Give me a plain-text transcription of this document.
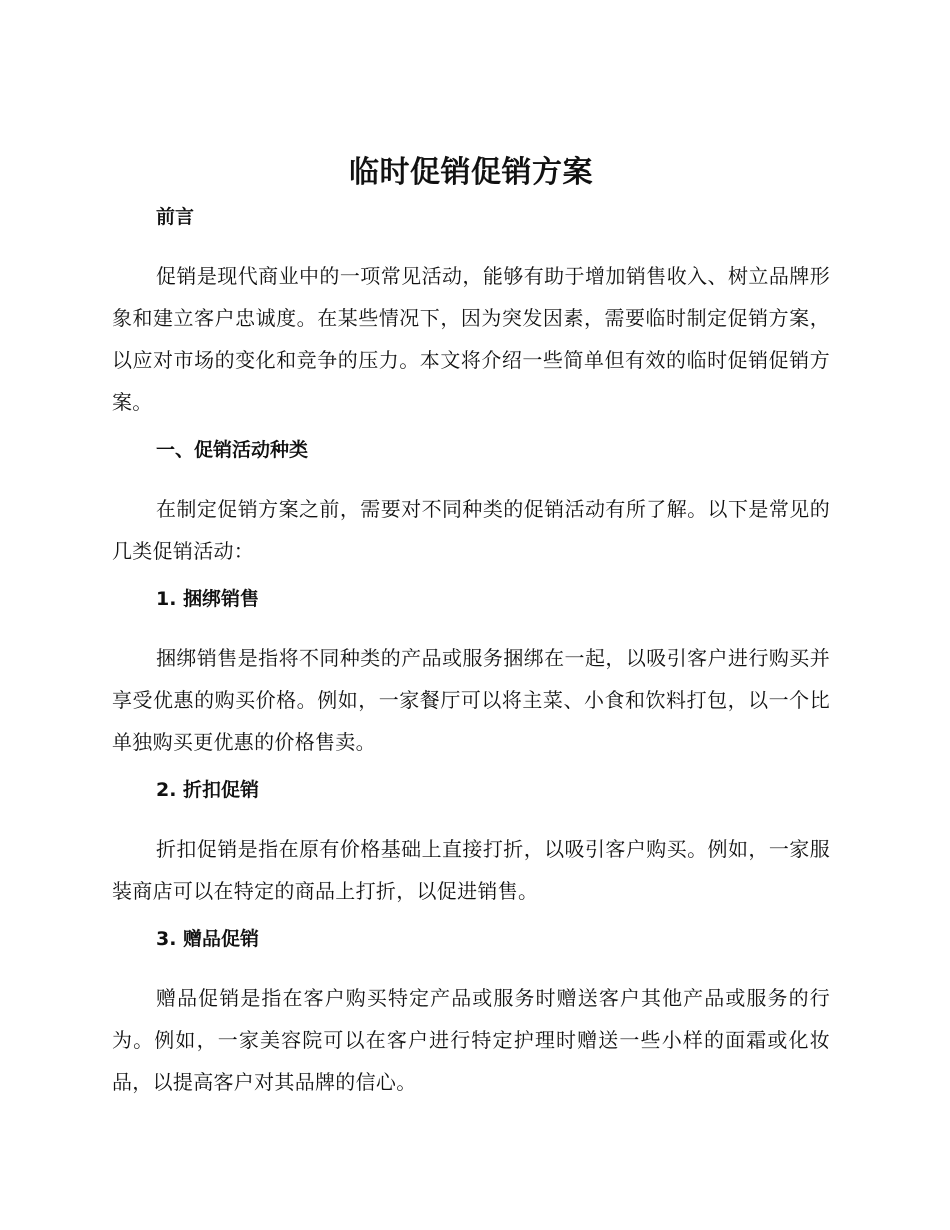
临时促销促销方案
前言
促销是现代商业中的一项常见活动，能够有助于增加销售收入、树立品牌形象和建立客户忠诚度。在某些情况下，因为突发因素，需要临时制定促销方案，以应对市场的变化和竞争的压力。本文将介绍一些简单但有效的临时促销促销方案。
一、促销活动种类
在制定促销方案之前，需要对不同种类的促销活动有所了解。以下是常见的几类促销活动：
1. 捆绑销售
捆绑销售是指将不同种类的产品或服务捆绑在一起，以吸引客户进行购买并享受优惠的购买价格。例如，一家餐厅可以将主菜、小食和饮料打包，以一个比单独购买更优惠的价格售卖。
2. 折扣促销
折扣促销是指在原有价格基础上直接打折，以吸引客户购买。例如，一家服装商店可以在特定的商品上打折，以促进销售。
3. 赠品促销
赠品促销是指在客户购买特定产品或服务时赠送客户其他产品或服务的行为。例如，一家美容院可以在客户进行特定护理时赠送一些小样的面霜或化妆品，以提高客户对其品牌的信心。
